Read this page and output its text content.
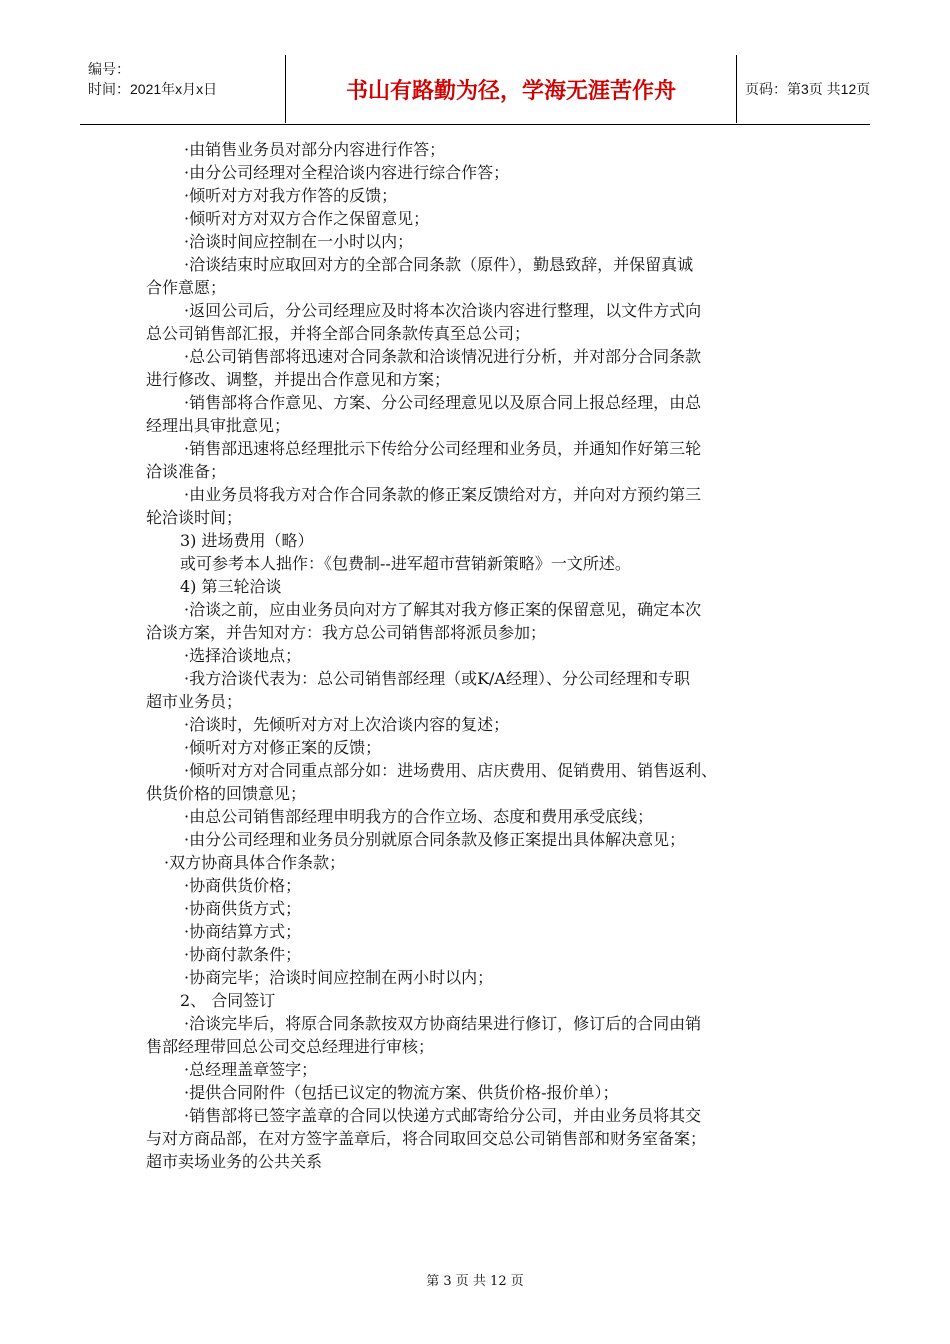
编号：
时间：2021年x月x日	书山有路勤为径，学海无涯苦作舟	页码：第3页 共12页

·由销售业务员对部分内容进行作答；

·由分公司经理对全程洽谈内容进行综合作答；

·倾听对方对我方作答的反馈；

·倾听对方对双方合作之保留意见；

·洽谈时间应控制在一小时以内；

·洽谈结束时应取回对方的全部合同条款（原件），勤恳致辞，并保留真诚

合作意愿；

·返回公司后，分公司经理应及时将本次洽谈内容进行整理，以文件方式向

总公司销售部汇报，并将全部合同条款传真至总公司；

·总公司销售部将迅速对合同条款和洽谈情况进行分析，并对部分合同条款

进行修改、调整，并提出合作意见和方案；

·销售部将合作意见、方案、分公司经理意见以及原合同上报总经理，由总

经理出具审批意见；

·销售部迅速将总经理批示下传给分公司经理和业务员，并通知作好第三轮

洽谈准备；

·由业务员将我方对合作合同条款的修正案反馈给对方，并向对方预约第三

轮洽谈时间；

3) 进场费用（略）

或可参考本人拙作：《包费制--进军超市营销新策略》一文所述。

4) 第三轮洽谈

·洽谈之前，应由业务员向对方了解其对我方修正案的保留意见，确定本次

洽谈方案，并告知对方：我方总公司销售部将派员参加；

·选择洽谈地点；

·我方洽谈代表为：总公司销售部经理（或K/A经理）、分公司经理和专职

超市业务员；

·洽谈时，先倾听对方对上次洽谈内容的复述；

·倾听对方对修正案的反馈；

·倾听对方对合同重点部分如：进场费用、店庆费用、促销费用、销售返利、

供货价格的回馈意见；

·由总公司销售部经理申明我方的合作立场、态度和费用承受底线；

·由分公司经理和业务员分别就原合同条款及修正案提出具体解决意见；

·双方协商具体合作条款；

·协商供货价格；

·协商供货方式；

·协商结算方式；

·协商付款条件；

·协商完毕；洽谈时间应控制在两小时以内；

2、 合同签订

·洽谈完毕后，将原合同条款按双方协商结果进行修订，修订后的合同由销

售部经理带回总公司交总经理进行审核；

·总经理盖章签字；

·提供合同附件（包括已议定的物流方案、供货价格-报价单）；

·销售部将已签字盖章的合同以快递方式邮寄给分公司，并由业务员将其交

与对方商品部，在对方签字盖章后，将合同取回交总公司销售部和财务室备案；

超市卖场业务的公共关系

第 3 页 共 12 页
